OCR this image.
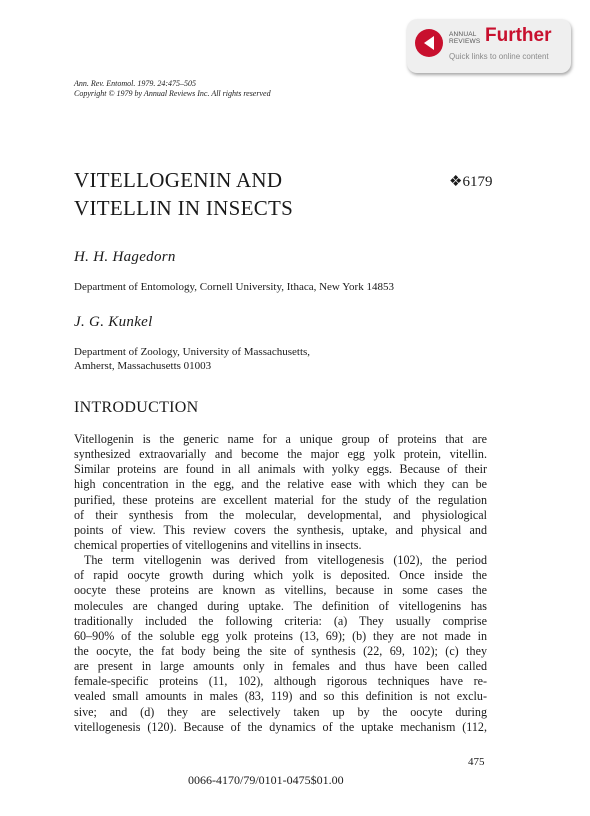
ANNUAL
REVIEWS Further
Quick links to online content
Ann. Rev. Entomol. 1979. 24:475–505
Copyright © 1979 by Annual Reviews Inc. All rights reserved
VITELLOGENIN AND
VITELLIN IN INSECTS
❖6179
H. H. Hagedorn
Department of Entomology, Cornell University, Ithaca, New York 14853
J. G. Kunkel
Department of Zoology, University of Massachusetts,
Amherst, Massachusetts 01003
INTRODUCTION
Vitellogenin is the generic name for a unique group of proteins that are
synthesized extraovarially and become the major egg yolk protein, vitellin.
Similar proteins are found in all animals with yolky eggs. Because of their
high concentration in the egg, and the relative ease with which they can be
purified, these proteins are excellent material for the study of the regulation
of their synthesis from the molecular, developmental, and physiological
points of view. This review covers the synthesis, uptake, and physical and
chemical properties of vitellogenins and vitellins in insects.
The term vitellogenin was derived from vitellogenesis (102), the period
of rapid oocyte growth during which yolk is deposited. Once inside the
oocyte these proteins are known as vitellins, because in some cases the
molecules are changed during uptake. The definition of vitellogenins has
traditionally included the following criteria: (a) They usually comprise
60–90% of the soluble egg yolk proteins (13, 69); (b) they are not made in
the oocyte, the fat body being the site of synthesis (22, 69, 102); (c) they
are present in large amounts only in females and thus have been called
female-specific proteins (11, 102), although rigorous techniques have re-
vealed small amounts in males (83, 119) and so this definition is not exclu-
sive; and (d) they are selectively taken up by the oocyte during
vitellogenesis (120). Because of the dynamics of the uptake mechanism (112,
475
0066-4170/79/0101-0475$01.00
